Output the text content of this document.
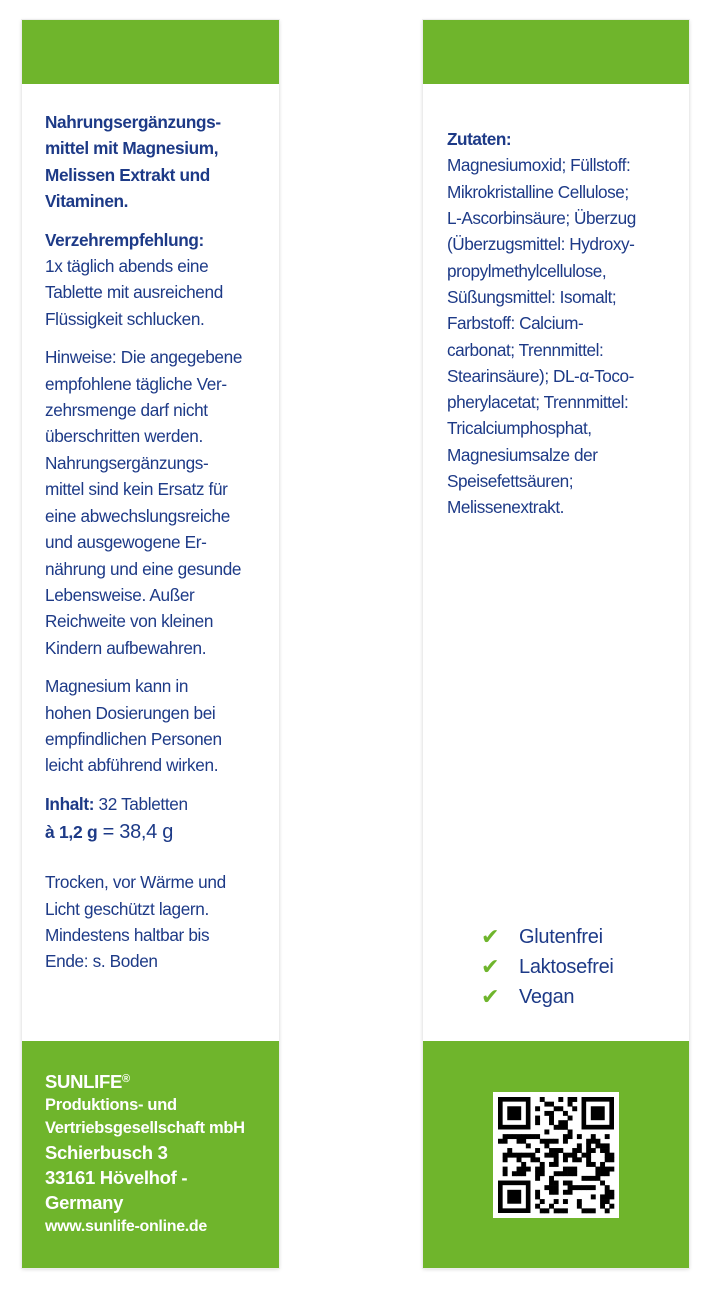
Nahrungsergänzungs-
mittel mit Magnesium,
Melissen Extrakt und
Vitaminen.

Verzehrempfehlung:
1x täglich abends eine
Tablette mit ausreichend
Flüssigkeit schlucken.

Hinweise: Die angegebene
empfohlene tägliche Ver-
zehrsmenge darf nicht
überschritten werden.
Nahrungsergänzungs-
mittel sind kein Ersatz für
eine abwechslungsreiche
und ausgewogene Er-
nährung und eine gesunde
Lebensweise. Außer
Reichweite von kleinen
Kindern aufbewahren.

Magnesium kann in
hohen Dosierungen bei
empfindlichen Personen
leicht abführend wirken.

Inhalt: 32 Tabletten

à 1,2 g = 38,4 g

Trocken, vor Wärme und
Licht geschützt lagern.
Mindestens haltbar bis
Ende: s. Boden

SUNLIFE®
Produktions- und
Vertriebsgesellschaft mbH
Schierbusch 3
33161 Hövelhof -
Germany
www.sunlife-online.de

Zutaten:
Magnesiumoxid; Füllstoff:
Mikrokristalline Cellulose;
L-Ascorbinsäure; Überzug
(Überzugsmittel: Hydroxy-
propylmethylcellulose,
Süßungsmittel: Isomalt;
Farbstoff: Calcium-
carbonat; Trennmittel:
Stearinsäure); DL-α-Toco-
pherylacetat; Trennmittel:
Tricalciumphosphat,
Magnesiumsalze der
Speisefettsäuren;
Melissenextrakt.

✔ Glutenfrei
✔ Laktosefrei
✔ Vegan
